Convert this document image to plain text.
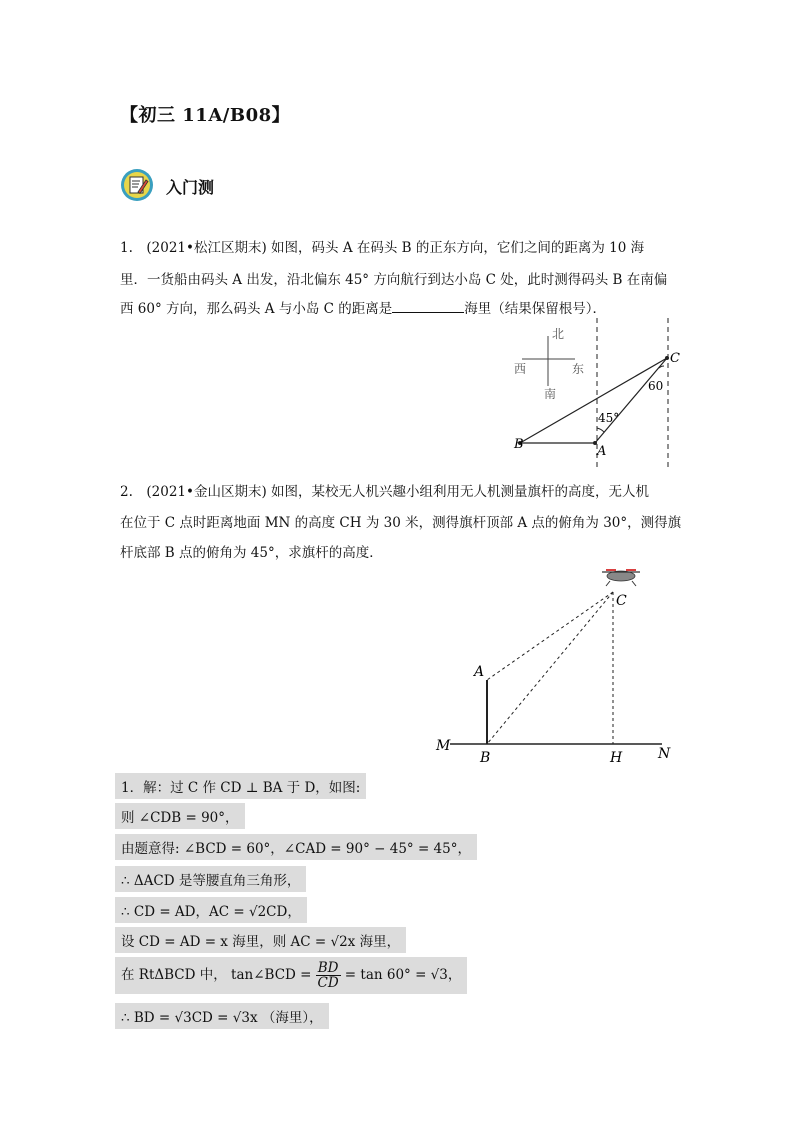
【初三 11A/B08】
入门测
1.　(2021•松江区期末) 如图，码头 A 在码头 B 的正东方向，它们之间的距离为 10 海
里．一货船由码头 A 出发，沿北偏东 45° 方向航行到达小岛 C 处，此时测得码头 B 在南偏
西 60° 方向，那么码头 A 与小岛 C 的距离是	海里（结果保留根号）．
北
西	东
南
B	A
C
45°
60
2.　(2021•金山区期末) 如图，某校无人机兴趣小组利用无人机测量旗杆的高度，无人机
在位于 C 点时距离地面 MN 的高度 CH 为 30 米，测得旗杆顶部 A 点的俯角为 30°，测得旗
杆底部 B 点的俯角为 45°，求旗杆的高度．
C
A
B	H
M	N
1．解：过 C 作 CD ⊥ BA 于 D，如图:
则 ∠CDB = 90°，
由题意得: ∠BCD = 60°，∠CAD = 90° − 45° = 45°，
∴ ΔACD 是等腰直角三角形，
∴ CD = AD，AC = √2CD，
设 CD = AD = x 海里，则 AC = √2x 海里，
在 RtΔBCD 中， tan∠BCD = $\frac{BD}{CD} = \tan 60^\circ = √3$，
∴ BD = √3CD = √3x （海里），
